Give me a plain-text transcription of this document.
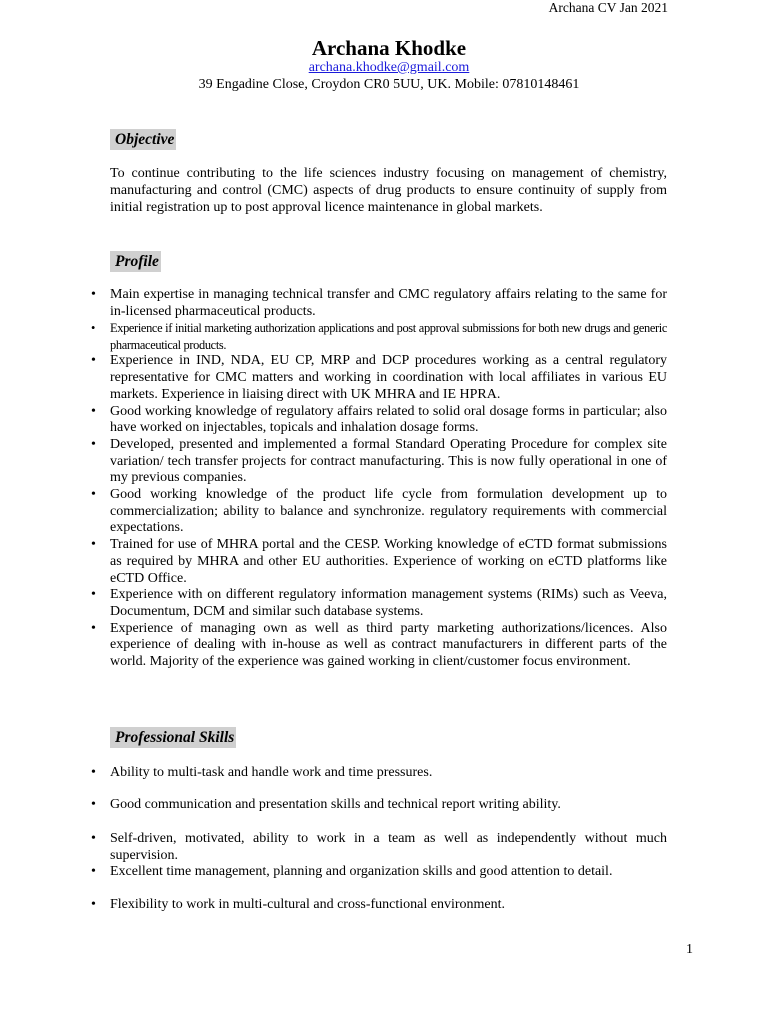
Archana CV Jan 2021
Archana Khodke
archana.khodke@gmail.com
39 Engadine Close, Croydon CR0 5UU, UK. Mobile: 07810148461
Objective
To continue contributing to the life sciences industry focusing on management of chemistry, manufacturing and control (CMC) aspects of drug products to ensure continuity of supply from initial registration up to post approval licence maintenance in global markets.
Profile
• Main expertise in managing technical transfer and CMC regulatory affairs relating to the same for in-licensed pharmaceutical products.
• Experience if initial marketing authorization applications and post approval submissions for both new drugs and generic pharmaceutical products.
• Experience in IND, NDA, EU CP, MRP and DCP procedures working as a central regulatory representative for CMC matters and working in coordination with local affiliates in various EU markets. Experience in liaising direct with UK MHRA and IE HPRA.
• Good working knowledge of regulatory affairs related to solid oral dosage forms in particular; also have worked on injectables, topicals and inhalation dosage forms.
• Developed, presented and implemented a formal Standard Operating Procedure for complex site variation/ tech transfer projects for contract manufacturing. This is now fully operational in one of my previous companies.
• Good working knowledge of the product life cycle from formulation development up to commercialization; ability to balance and synchronize. regulatory requirements with commercial expectations.
• Trained for use of MHRA portal and the CESP. Working knowledge of eCTD format submissions as required by MHRA and other EU authorities. Experience of working on eCTD platforms like eCTD Office.
• Experience with on different regulatory information management systems (RIMs) such as Veeva, Documentum, DCM and similar such database systems.
• Experience of managing own as well as third party marketing authorizations/licences. Also experience of dealing with in-house as well as contract manufacturers in different parts of the world. Majority of the experience was gained working in client/customer focus environment.
Professional Skills
• Ability to multi-task and handle work and time pressures.
• Good communication and presentation skills and technical report writing ability.
• Self-driven, motivated, ability to work in a team as well as independently without much supervision.
• Excellent time management, planning and organization skills and good attention to detail.
• Flexibility to work in multi-cultural and cross-functional environment.
1
